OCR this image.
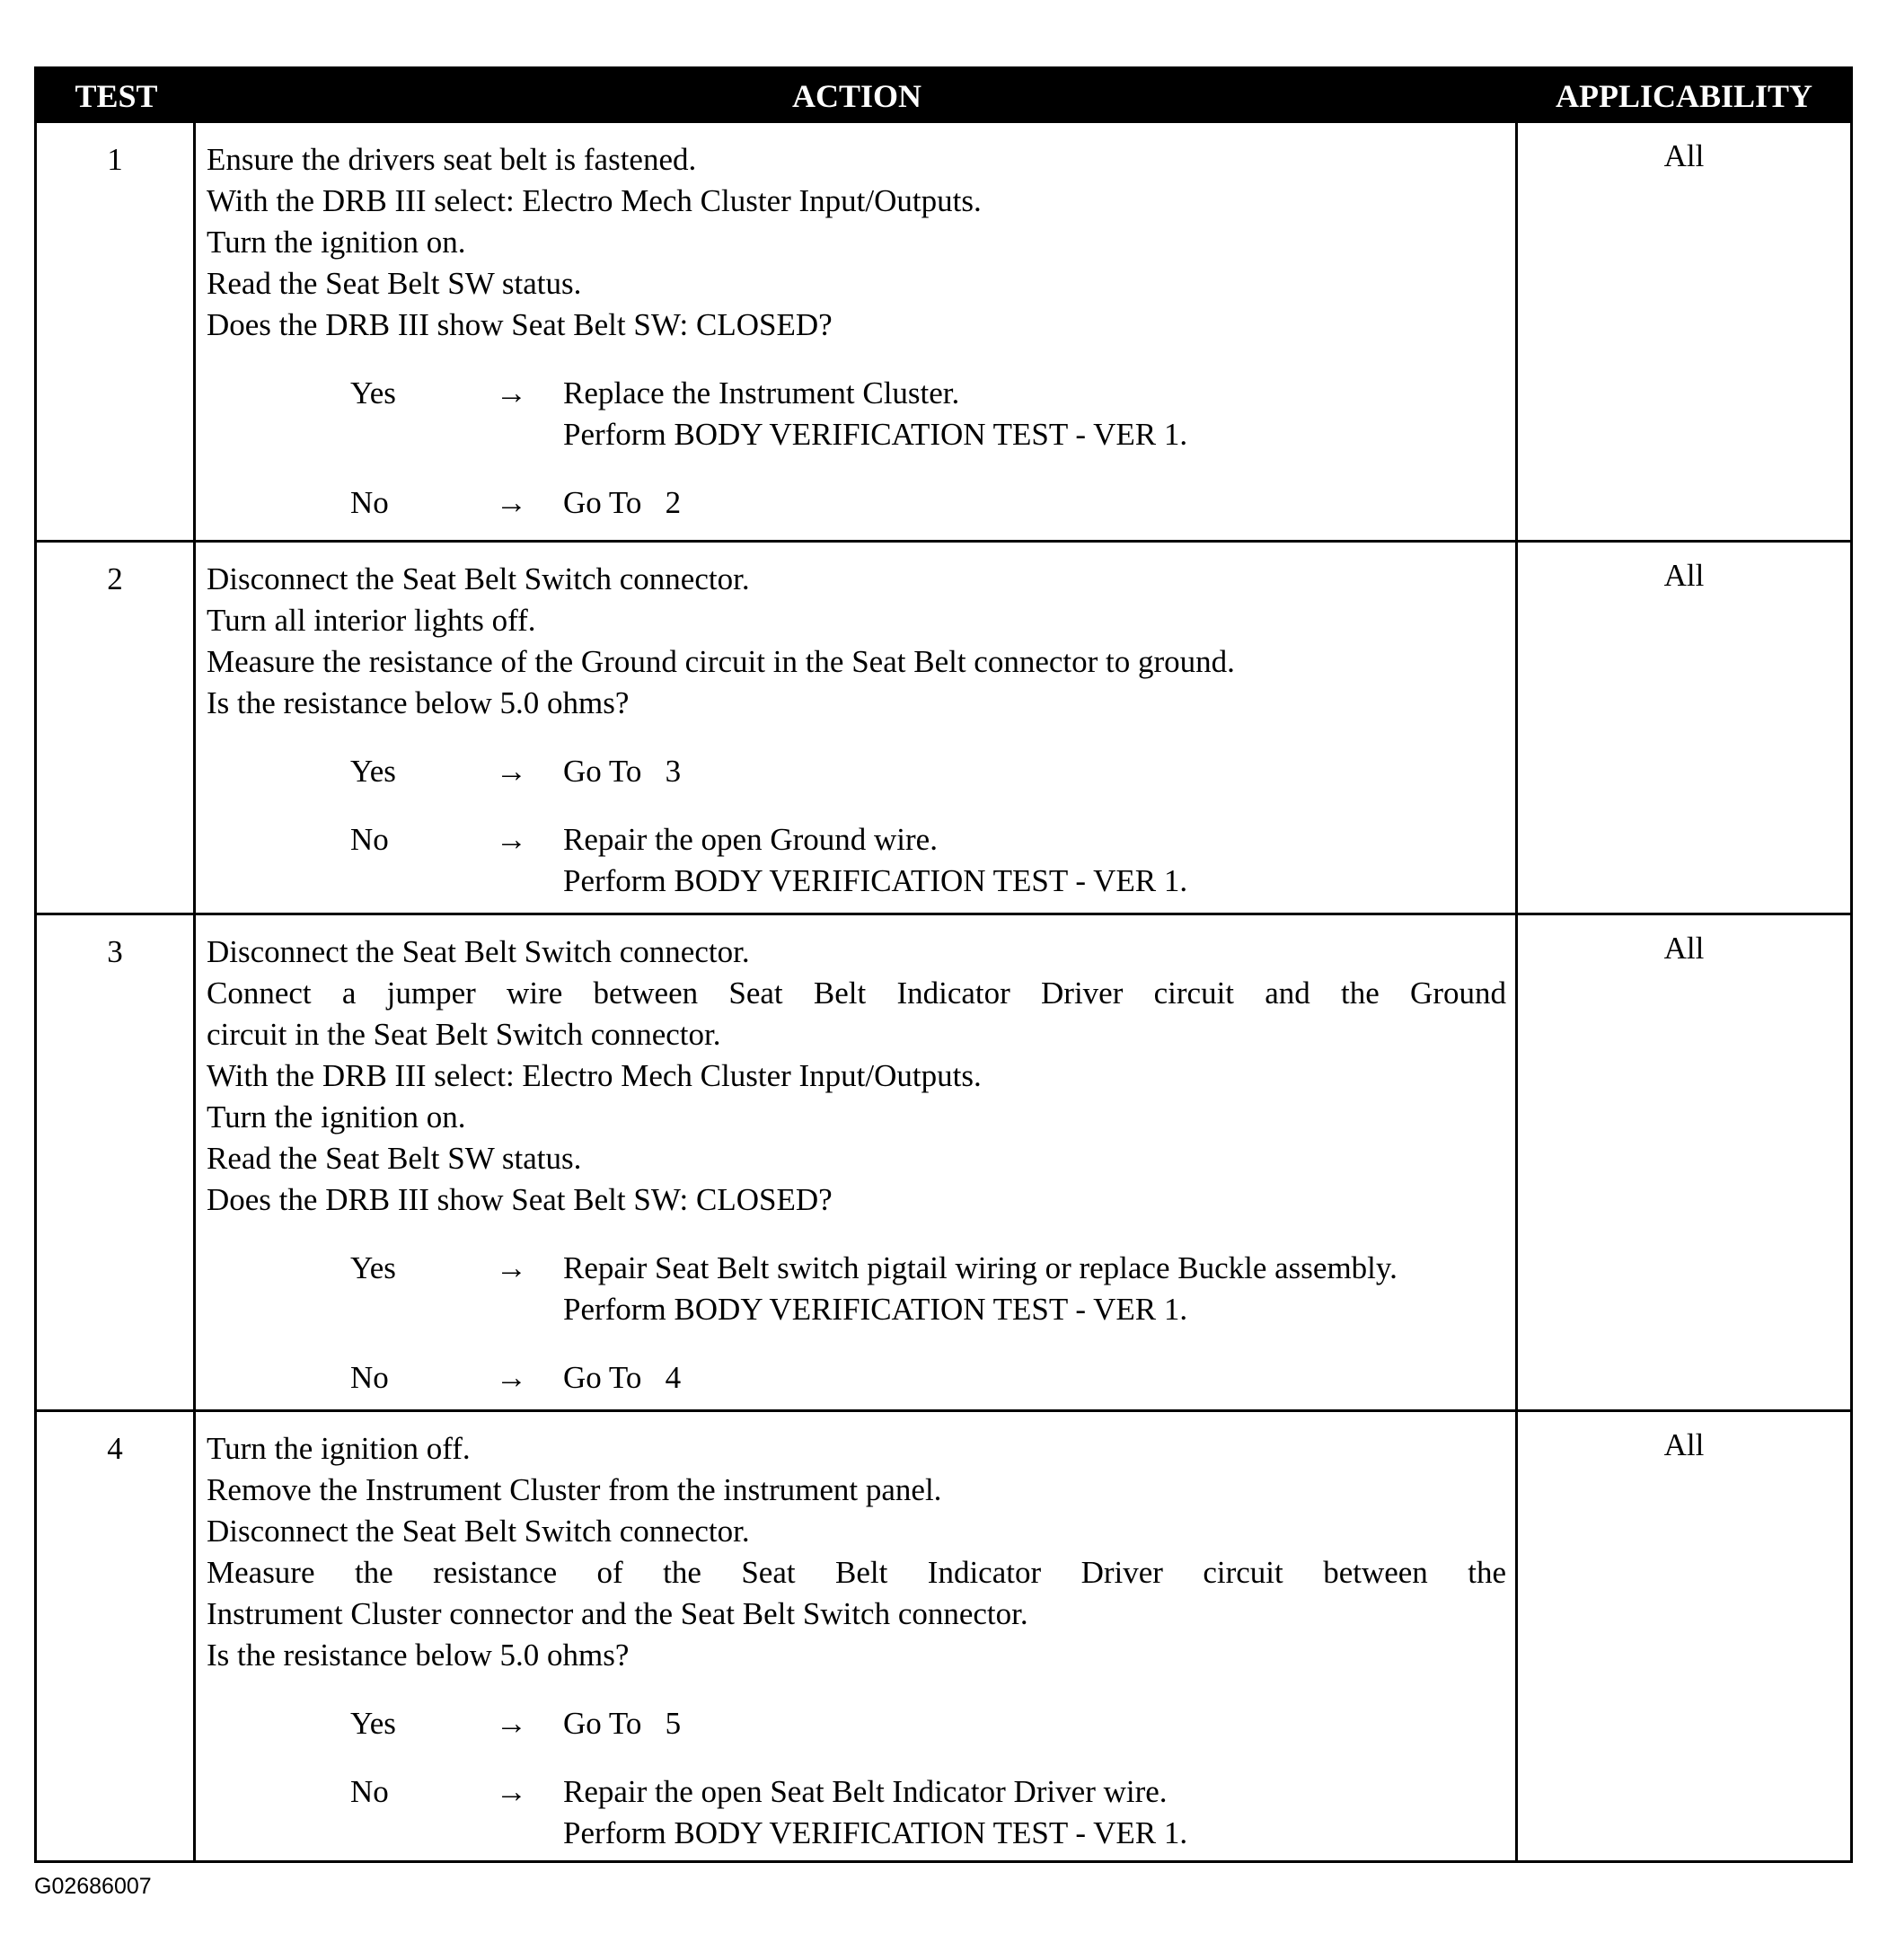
TEST	ACTION	APPLICABILITY
1	Ensure the drivers seat belt is fastened.
With the DRB III select: Electro Mech Cluster Input/Outputs.
Turn the ignition on.
Read the Seat Belt SW status.
Does the DRB III show Seat Belt SW: CLOSED?
Yes	→	Replace the Instrument Cluster.
Perform BODY VERIFICATION TEST - VER 1.
No	→	Go To   2
All
2	Disconnect the Seat Belt Switch connector.
Turn all interior lights off.
Measure the resistance of the Ground circuit in the Seat Belt connector to ground.
Is the resistance below 5.0 ohms?
Yes	→	Go To   3
No	→	Repair the open Ground wire.
Perform BODY VERIFICATION TEST - VER 1.
All
3	Disconnect the Seat Belt Switch connector.
Connect a jumper wire between Seat Belt Indicator Driver circuit and the Ground
circuit in the Seat Belt Switch connector.
With the DRB III select: Electro Mech Cluster Input/Outputs.
Turn the ignition on.
Read the Seat Belt SW status.
Does the DRB III show Seat Belt SW: CLOSED?
Yes	→	Repair Seat Belt switch pigtail wiring or replace Buckle assembly.
Perform BODY VERIFICATION TEST - VER 1.
No	→	Go To   4
All
4	Turn the ignition off.
Remove the Instrument Cluster from the instrument panel.
Disconnect the Seat Belt Switch connector.
Measure the resistance of the Seat Belt Indicator Driver circuit between the
Instrument Cluster connector and the Seat Belt Switch connector.
Is the resistance below 5.0 ohms?
Yes	→	Go To   5
No	→	Repair the open Seat Belt Indicator Driver wire.
Perform BODY VERIFICATION TEST - VER 1.
All
G02686007
